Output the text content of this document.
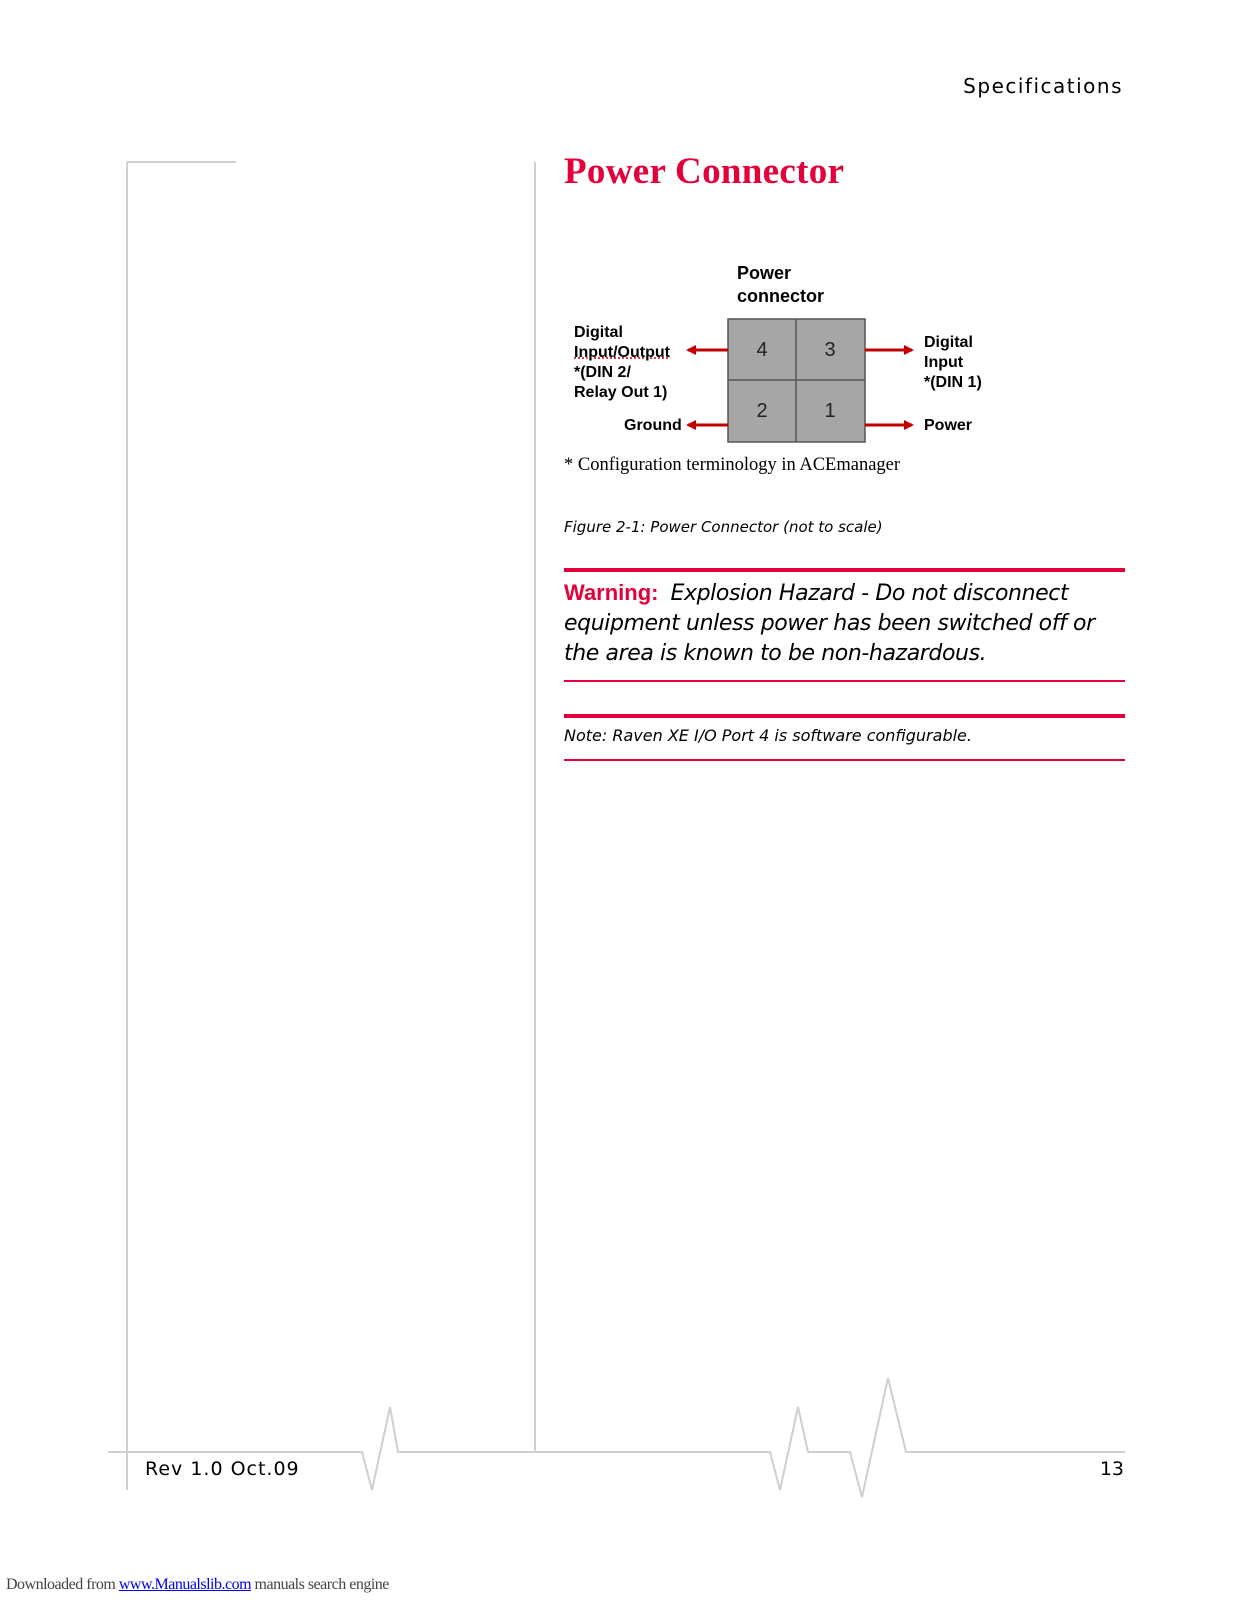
Specifications
Power Connector
4	3
2	1
Power
connector
Digital
Input/Output
*(DIN 2/
Relay Out 1)
Ground
Digital
Input
*(DIN 1)
Power
* Configuration terminology in ACEmanager
Figure 2-1: Power Connector (not to scale)
Warning: Explosion Hazard - Do not disconnect equipment unless power has been switched off or the area is known to be non-hazardous.
Note: Raven XE I/O Port 4 is software configurable.
Rev 1.0 Oct.09	13
Downloaded from www.Manualslib.com manuals search engine
